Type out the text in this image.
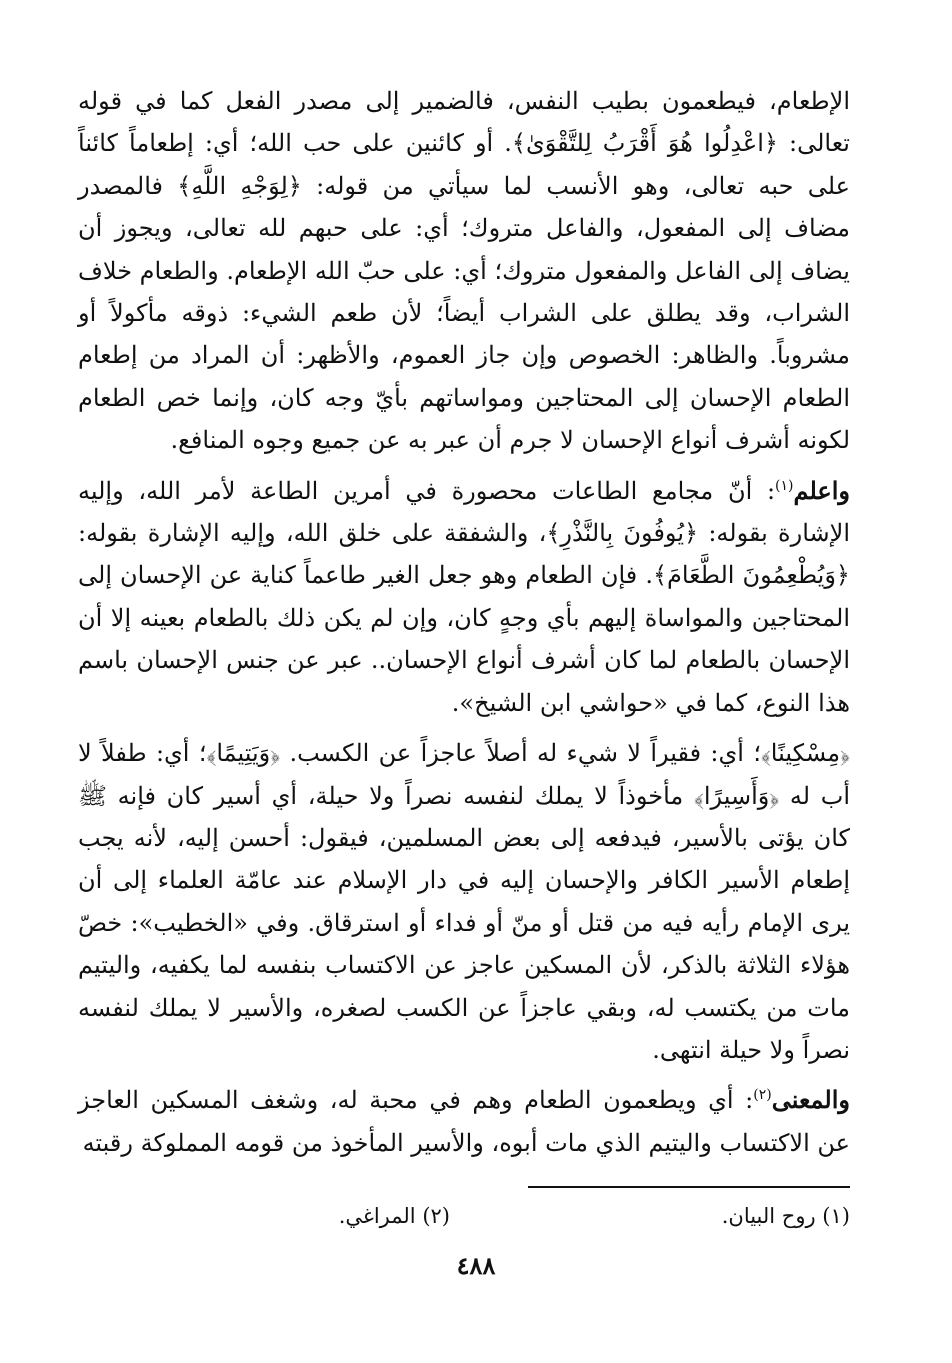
الإطعام، فيطعمون بطيب النفس، فالضمير إلى مصدر الفعل كما في قوله تعالى: ﴿اعْدِلُوا هُوَ أَقْرَبُ لِلتَّقْوَىٰ﴾. أو كائنين على حب الله؛ أي: إطعاماً كائناً على حبه تعالى، وهو الأنسب لما سيأتي من قوله: ﴿لِوَجْهِ اللَّهِ﴾ فالمصدر مضاف إلى المفعول، والفاعل متروك؛ أي: على حبهم لله تعالى، ويجوز أن يضاف إلى الفاعل والمفعول متروك؛ أي: على حبّ الله الإطعام. والطعام خلاف الشراب، وقد يطلق على الشراب أيضاً؛ لأن طعم الشيء: ذوقه مأكولاً أو مشروباً. والظاهر: الخصوص وإن جاز العموم، والأظهر: أن المراد من إطعام الطعام الإحسان إلى المحتاجين ومواساتهم بأيّ وجه كان، وإنما خص الطعام لكونه أشرف أنواع الإحسان لا جرم أن عبر به عن جميع وجوه المنافع.

واعلم$^{(١)}$: أنّ مجامع الطاعات محصورة في أمرين الطاعة لأمر الله، وإليه الإشارة بقوله: ﴿يُوفُونَ بِالنَّذْرِ﴾، والشفقة على خلق الله، وإليه الإشارة بقوله: ﴿وَيُطْعِمُونَ الطَّعَامَ﴾. فإن الطعام وهو جعل الغير طاعماً كناية عن الإحسان إلى المحتاجين والمواساة إليهم بأي وجهٍ كان، وإن لم يكن ذلك بالطعام بعينه إلا أن الإحسان بالطعام لما كان أشرف أنواع الإحسان.. عبر عن جنس الإحسان باسم هذا النوع، كما في «حواشي ابن الشيخ».

﴿مِسْكِينًا﴾؛ أي: فقيراً لا شيء له أصلاً عاجزاً عن الكسب. ﴿وَيَتِيمًا﴾؛ أي: طفلاً لا أب له ﴿وَأَسِيرًا﴾ مأخوذاً لا يملك لنفسه نصراً ولا حيلة، أي أسير كان فإنه ﷺ كان يؤتى بالأسير، فيدفعه إلى بعض المسلمين، فيقول: أحسن إليه، لأنه يجب إطعام الأسير الكافر والإحسان إليه في دار الإسلام عند عامّة العلماء إلى أن يرى الإمام رأيه فيه من قتل أو منّ أو فداء أو استرقاق. وفي «الخطيب»: خصّ هؤلاء الثلاثة بالذكر، لأن المسكين عاجز عن الاكتساب بنفسه لما يكفيه، واليتيم مات من يكتسب له، وبقي عاجزاً عن الكسب لصغره، والأسير لا يملك لنفسه نصراً ولا حيلة انتهى.

والمعنى$^{(٢)}$: أي ويطعمون الطعام وهم في محبة له، وشغف المسكين العاجز عن الاكتساب واليتيم الذي مات أبوه، والأسير المأخوذ من قومه المملوكة رقبته

(١) روح البيان.
(٢) المراغي.
٤٨٨
